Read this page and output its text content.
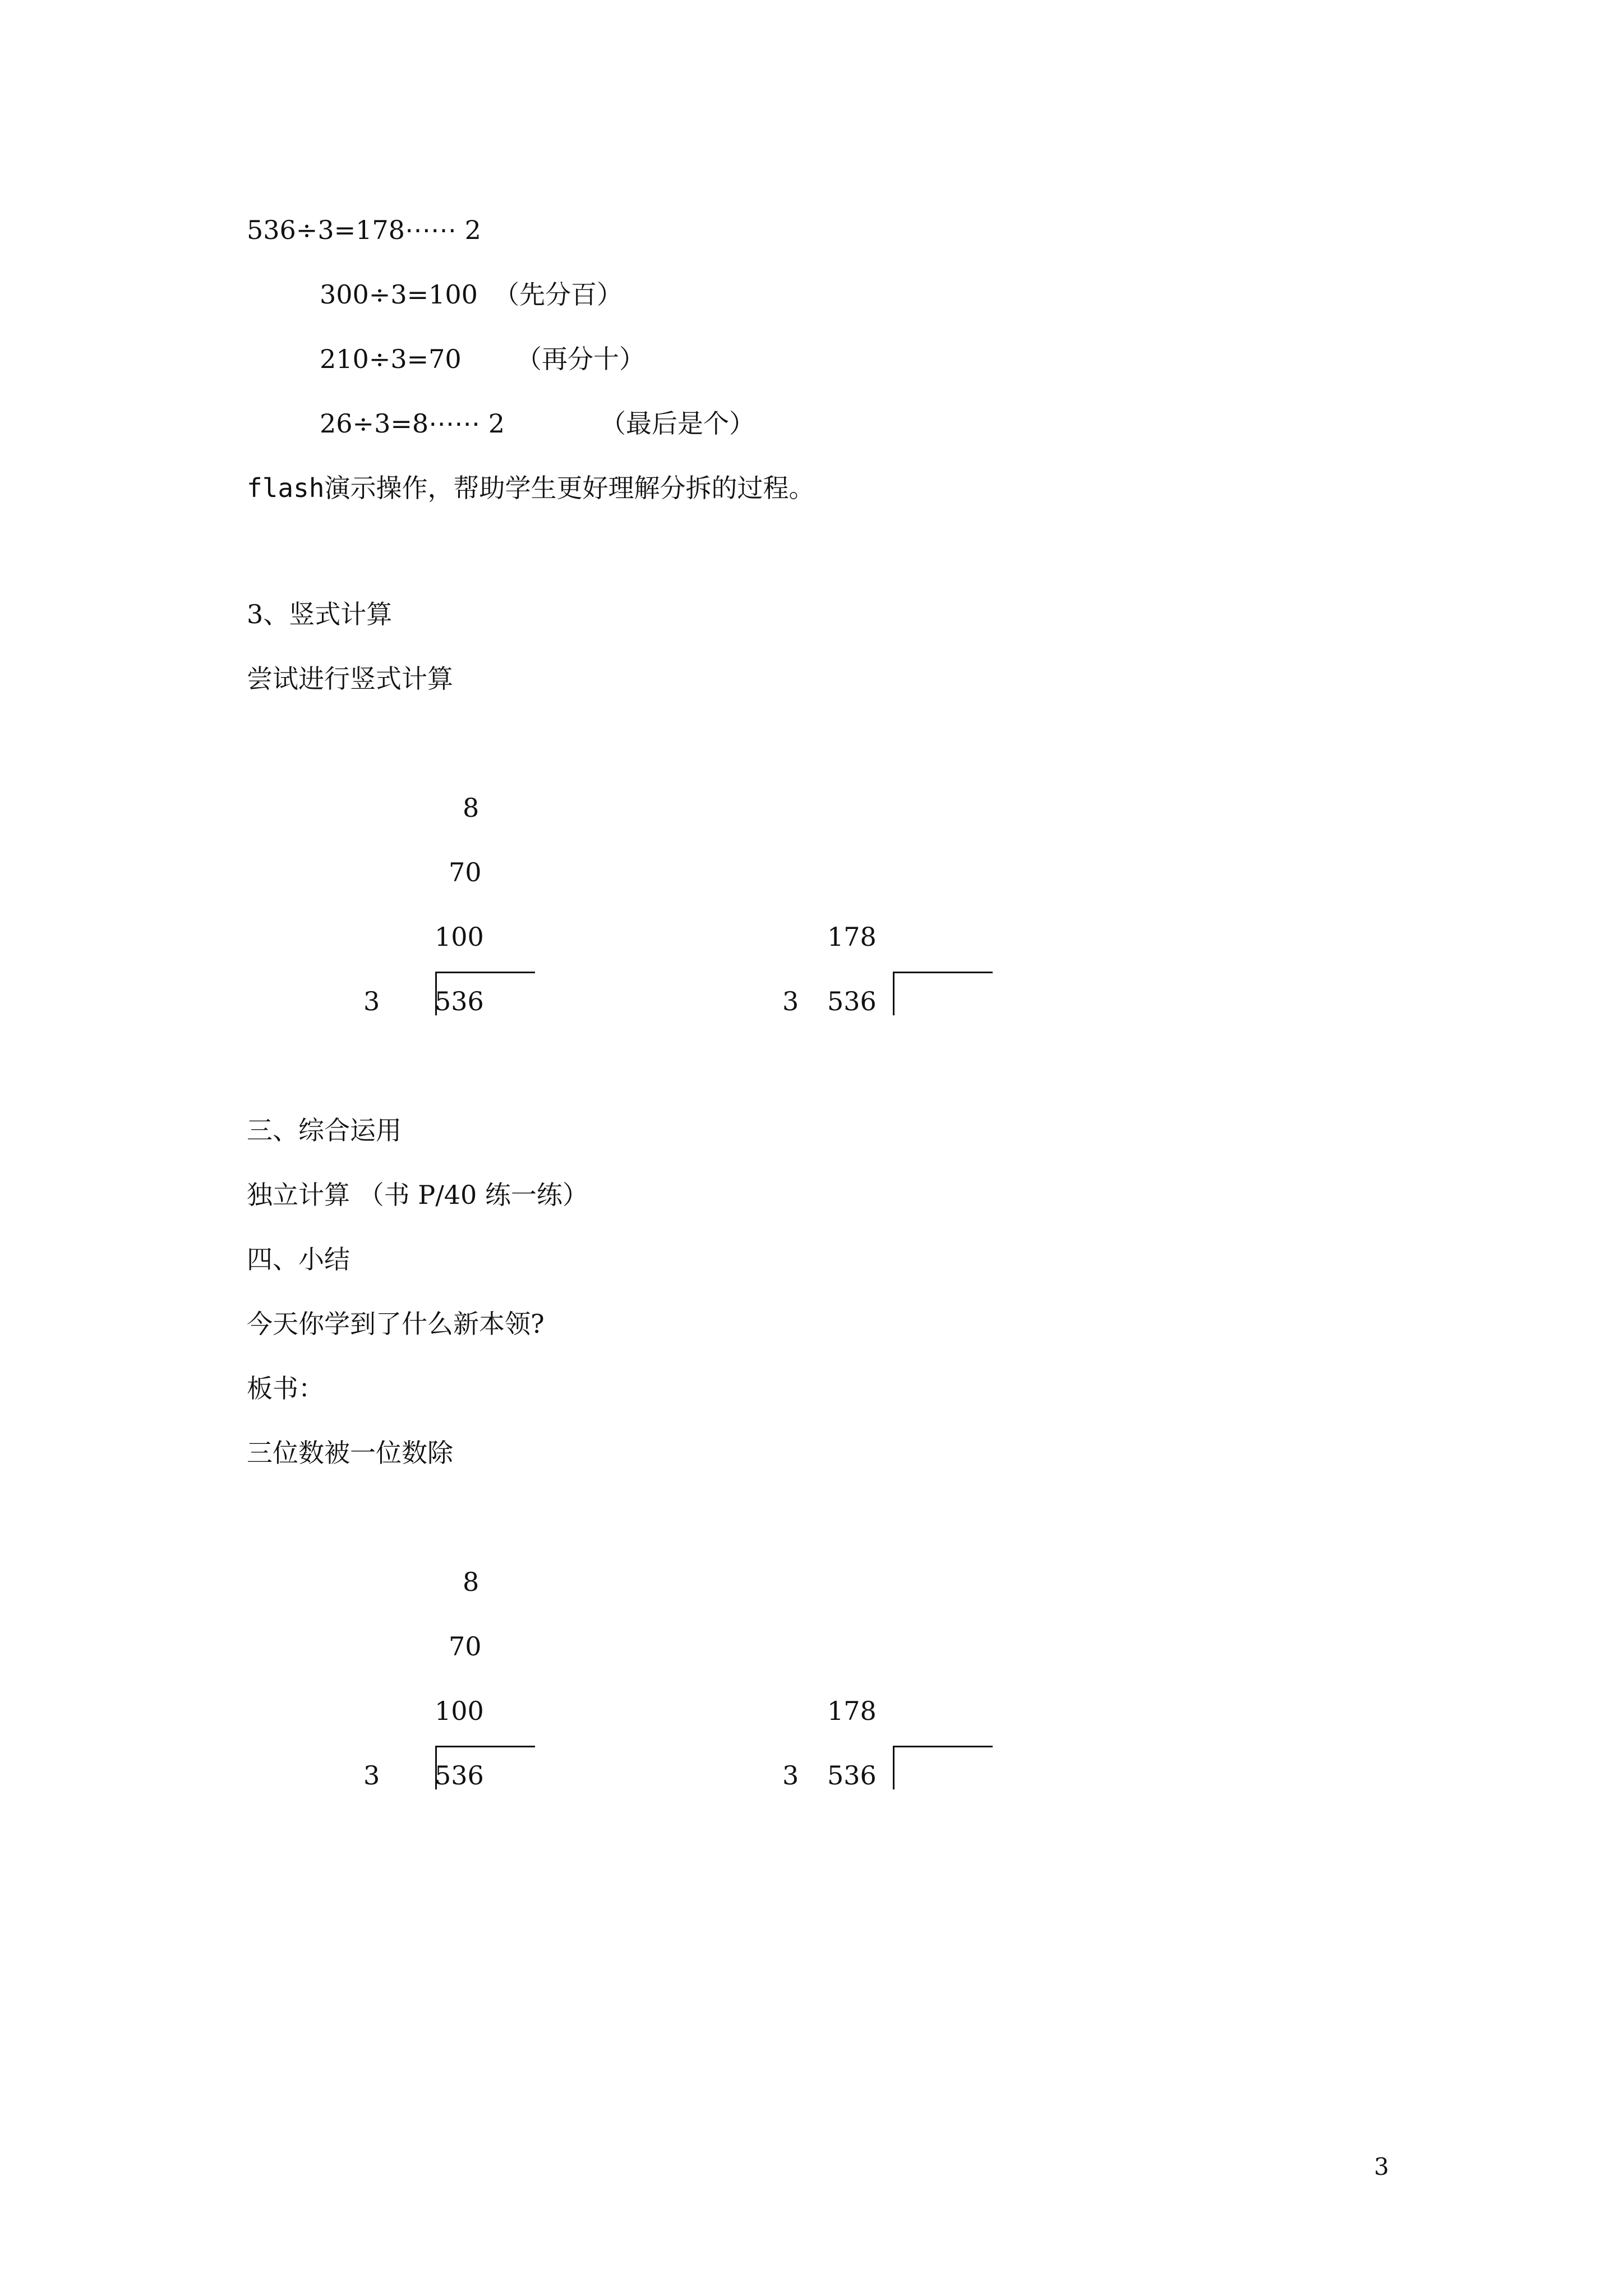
536÷3=178⋯⋯ 2

300÷3=100 （先分百）

210÷3=70 （再分十）

26÷3=8⋯⋯ 2	（最后是个）

flash演示操作，帮助学生更好理解分拆的过程。

3、竖式计算

尝试进行竖式计算

8

70

100

3 536

178

3 536

三、综合运用

独立计算 （书 P/40 练一练）

四、小结

今天你学到了什么新本领?

板书：

三位数被一位数除

8

70

100

3 536

178

3 536

3
